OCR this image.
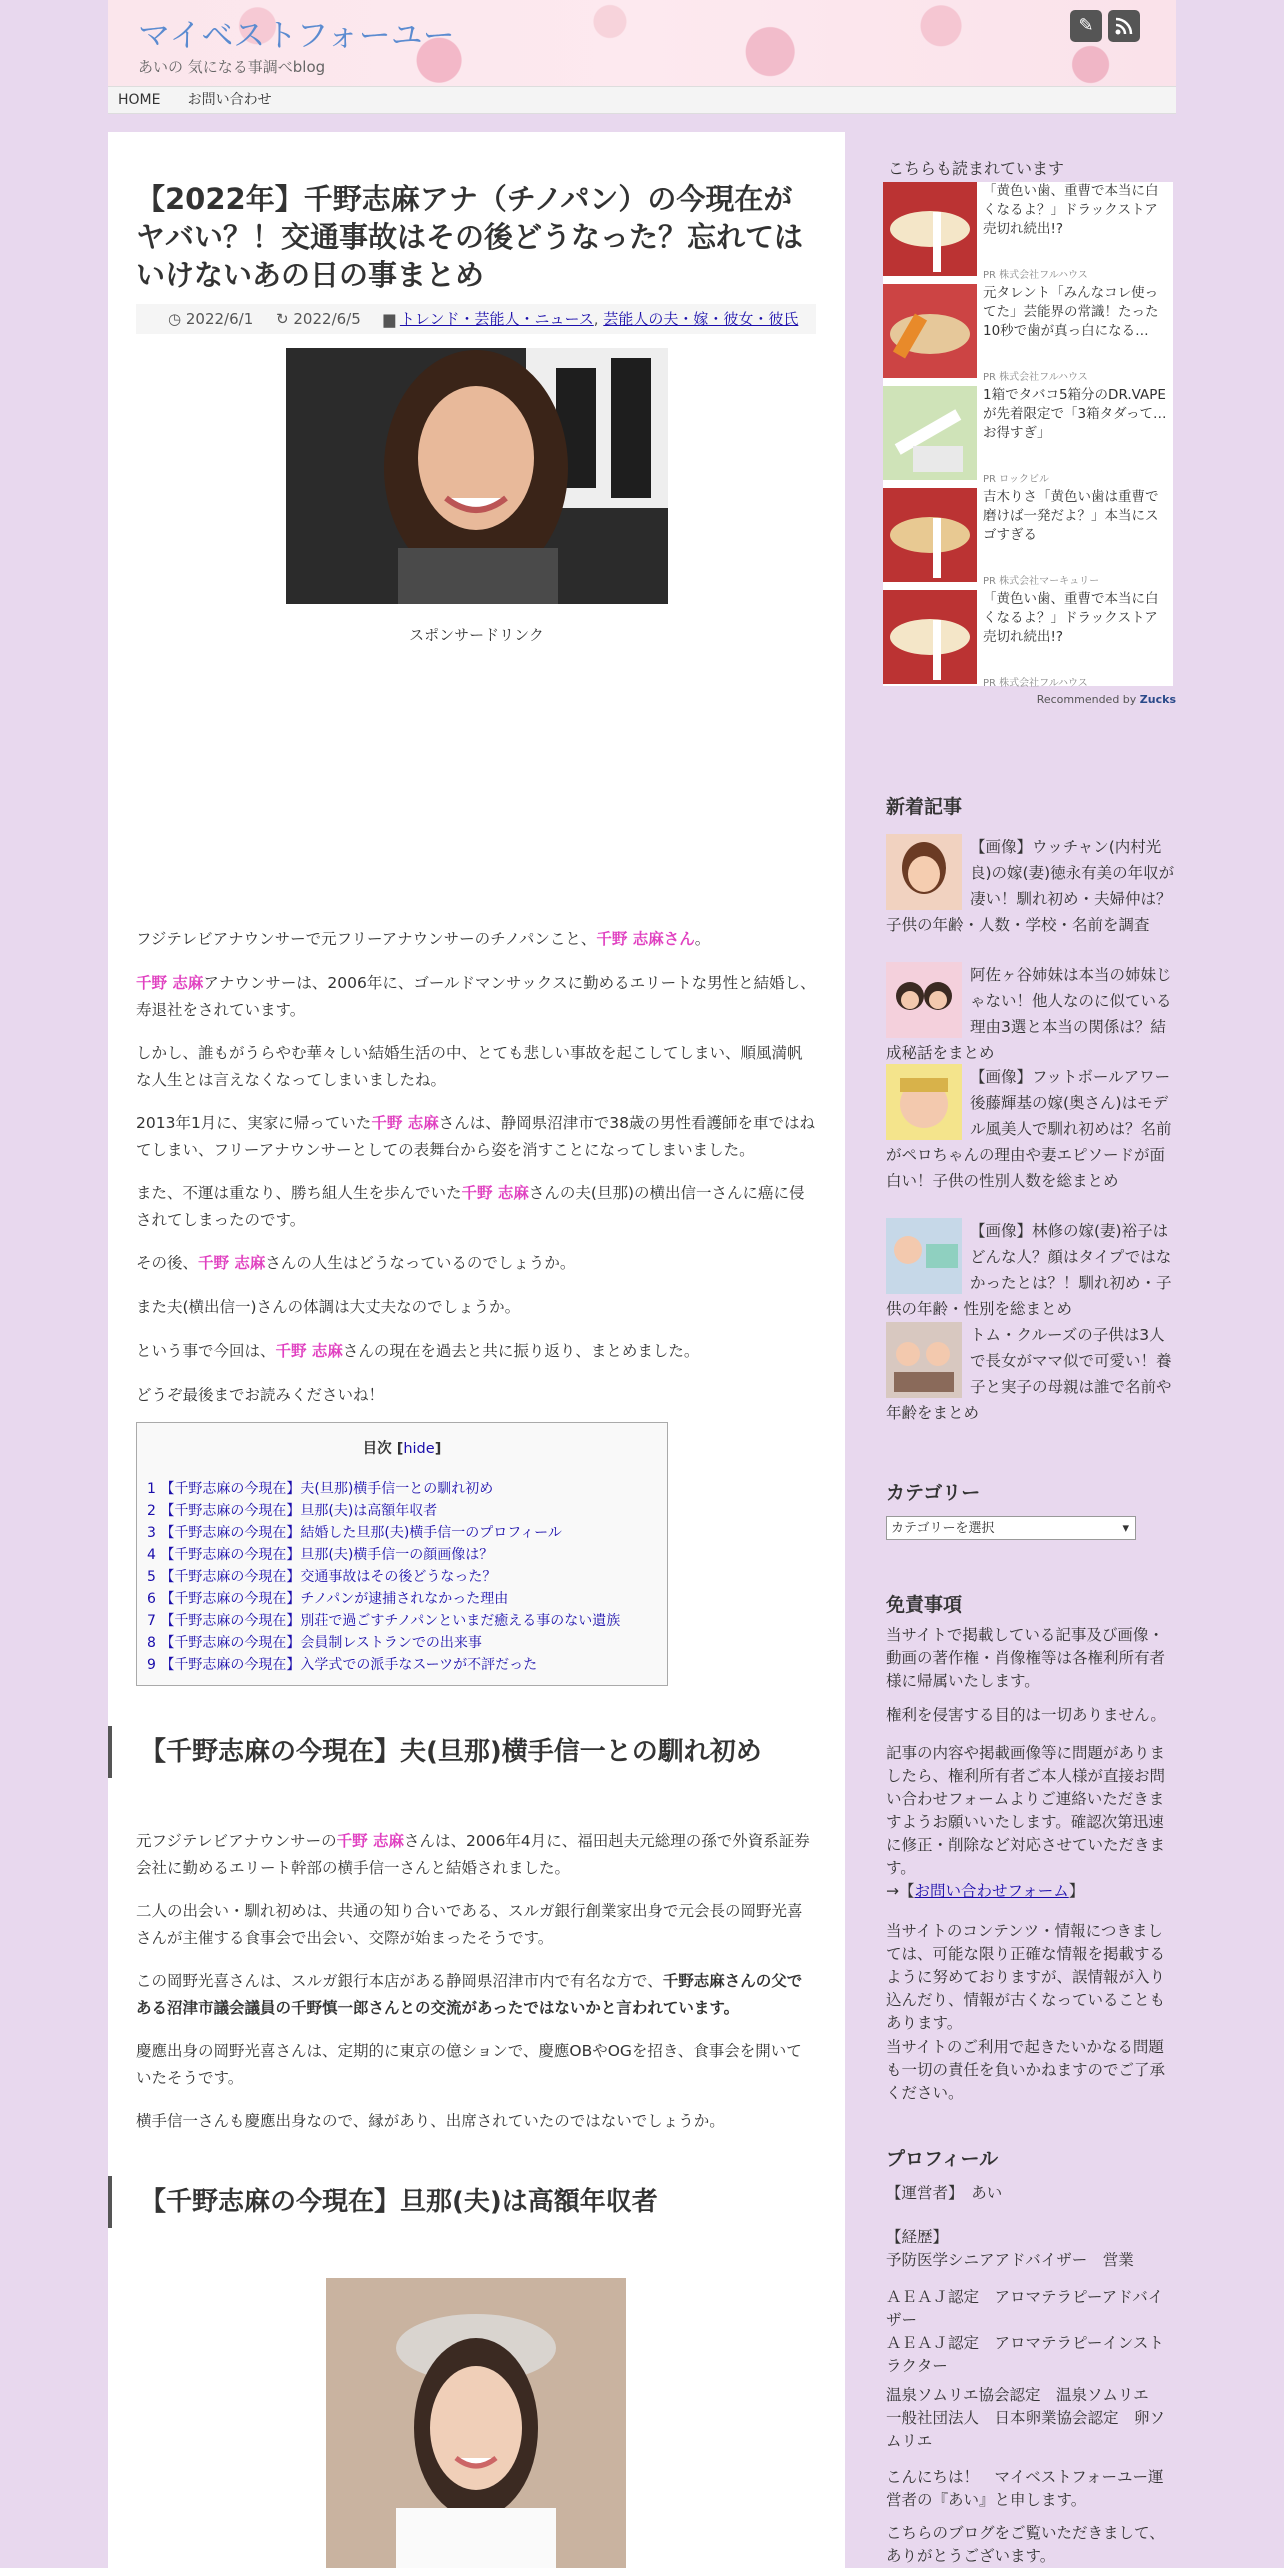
マイベストフォーユー
あいの 気になる事調べblog
✎
HOME お問い合わせ
【2022年】千野志麻アナ（チノパン）の今現在がヤバい？！交通事故はその後どうなった？忘れてはいけないあの日の事まとめ
◷ 2022/6/1 ↻ 2022/6/5 ▆ トレンド・芸能人・ニュース, 芸能人の夫・嫁・彼女・彼氏
スポンサードリンク
フジテレビアナウンサーで元フリーアナウンサーのチノパンこと、千野 志麻さん。
千野 志麻アナウンサーは、2006年に、ゴールドマンサックスに勤めるエリートな男性と結婚し、寿退社をされています。
しかし、誰もがうらやむ華々しい結婚生活の中、とても悲しい事故を起こしてしまい、順風満帆な人生とは言えなくなってしまいましたね。
2013年1月に、実家に帰っていた千野 志麻さんは、静岡県沼津市で38歳の男性看護師を車ではねてしまい、フリーアナウンサーとしての表舞台から姿を消すことになってしまいました。
また、不運は重なり、勝ち組人生を歩んでいた千野 志麻さんの夫(旦那)の横出信一さんに癌に侵されてしまったのです。
その後、千野 志麻さんの人生はどうなっているのでしょうか。
また夫(横出信一)さんの体調は大丈夫なのでしょうか。
という事で今回は、千野 志麻さんの現在を過去と共に振り返り、まとめました。
どうぞ最後までお読みくださいね！
目次 [hide]
1 【千野志麻の今現在】夫(旦那)横手信一との馴れ初め
2 【千野志麻の今現在】旦那(夫)は高額年収者
3 【千野志麻の今現在】結婚した旦那(夫)横手信一のプロフィール
4 【千野志麻の今現在】旦那(夫)横手信一の顔画像は？
5 【千野志麻の今現在】交通事故はその後どうなった？
6 【千野志麻の今現在】チノパンが逮捕されなかった理由
7 【千野志麻の今現在】別荘で過ごすチノパンといまだ癒える事のない遺族
8 【千野志麻の今現在】会員制レストランでの出来事
9 【千野志麻の今現在】入学式での派手なスーツが不評だった
【千野志麻の今現在】夫(旦那)横手信一との馴れ初め
元フジテレビアナウンサーの千野 志麻さんは、2006年4月に、福田赳夫元総理の孫で外資系証券会社に勤めるエリート幹部の横手信一さんと結婚されました。
二人の出会い・馴れ初めは、共通の知り合いである、スルガ銀行創業家出身で元会長の岡野光喜さんが主催する食事会で出会い、交際が始まったそうです。
この岡野光喜さんは、スルガ銀行本店がある静岡県沼津市内で有名な方で、千野志麻さんの父である沼津市議会議員の千野慎一郎さんとの交流があったではないかと言われています。
慶應出身の岡野光喜さんは、定期的に東京の億ションで、慶應OBやOGを招き、食事会を開いていたそうです。
横手信一さんも慶應出身なので、縁があり、出席されていたのではないでしょうか。
【千野志麻の今現在】旦那(夫)は高額年収者
こちらも読まれています
「黄色い歯、重曹で本当に白くなるよ？」ドラックストア売切れ続出!?
PR 株式会社フルハウス
元タレント「みんなコレ使ってた」芸能界の常識！たった10秒で歯が真っ白になる…
PR 株式会社フルハウス
1箱でタバコ5箱分のDR.VAPEが先着限定で「3箱タダって…お得すぎ」
PR ロックビル
吉木りさ「黄色い歯は重曹で磨けば一発だよ？」本当にスゴすぎる
PR 株式会社マーキュリー
「黄色い歯、重曹で本当に白くなるよ？」ドラックストア売切れ続出!?
PR 株式会社フルハウス
Recommended by Zucks
新着記事
【画像】ウッチャン(内村光良)の嫁(妻)徳永有美の年収が凄い！馴れ初め・夫婦仲は？子供の年齢・人数・学校・名前を調査
阿佐ヶ谷姉妹は本当の姉妹じゃない！他人なのに似ている理由3選と本当の関係は？結成秘話をまとめ
【画像】フットボールアワー後藤輝基の嫁(奥さん)はモデル風美人で馴れ初めは？名前がペロちゃんの理由や妻エピソードが面白い！子供の性別人数を総まとめ
【画像】林修の嫁(妻)裕子はどんな人？顔はタイプではなかったとは？！馴れ初め・子供の年齢・性別を総まとめ
トム・クルーズの子供は3人で長女がママ似で可愛い！養子と実子の母親は誰で名前や年齢をまとめ
カテゴリー
カテゴリーを選択	▾
免責事項
当サイトで掲載している記事及び画像・動画の著作権・肖像権等は各権利所有者様に帰属いたします。
権利を侵害する目的は一切ありません。
記事の内容や掲載画像等に問題がありましたら、権利所有者ご本人様が直接お問い合わせフォームよりご連絡いただきますようお願いいたします。確認次第迅速に修正・削除など対応させていただきます。
→【お問い合わせフォーム】
当サイトのコンテンツ・情報につきましては、可能な限り正確な情報を掲載するように努めておりますが、誤情報が入り込んだり、情報が古くなっていることもあります。
当サイトのご利用で起きたいかなる問題も一切の責任を負いかねますのでご了承ください。
プロフィール
【運営者】　あい
【経歴】
予防医学シニアアドバイザー　営業
ＡＥＡＪ認定　アロマテラピーアドバイザー
ＡＥＡＪ認定　アロマテラピーインストラクター
温泉ソムリエ協会認定　温泉ソムリエ
一般社団法人　日本卵業協会認定　卵ソムリエ
こんにちは！　マイベストフォーユー運営者の『あい』と申します。
こちらのブログをご覧いただきまして、ありがとうございます。
